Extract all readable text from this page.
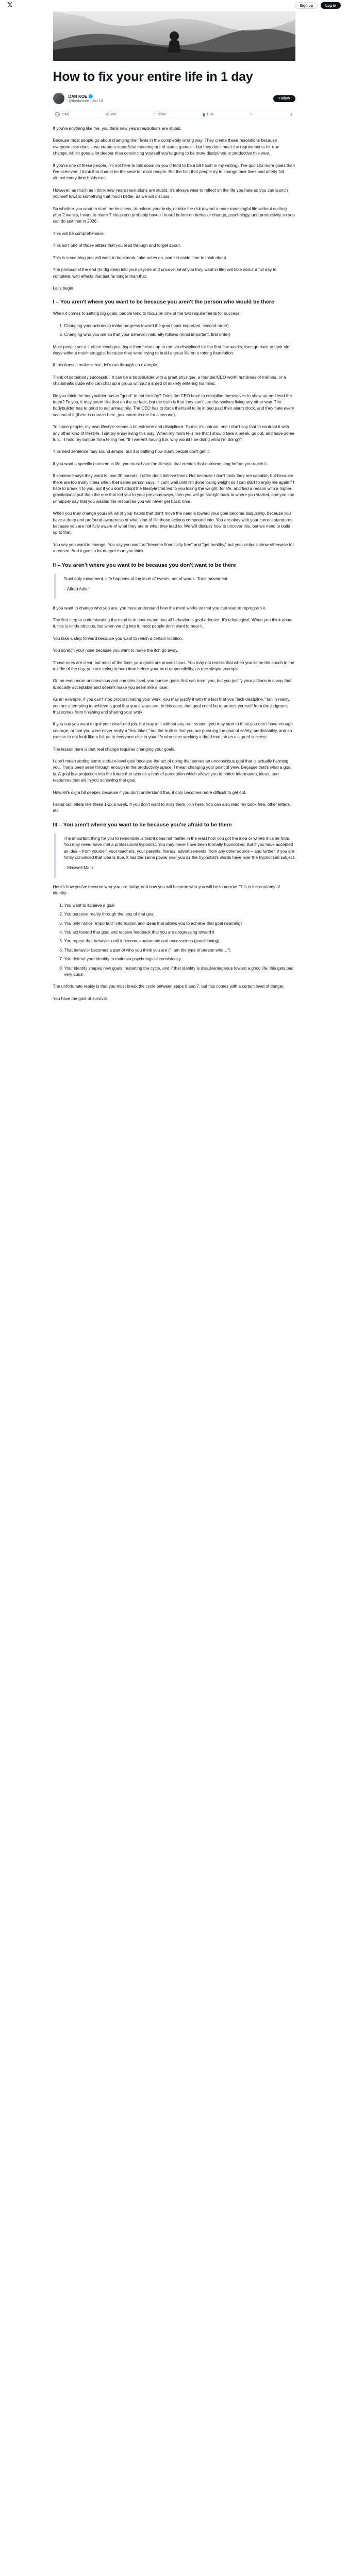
𝕏	Sign up	Log in
How to fix your entire life in 1 day
DAN KOE ✓
@thedankoe · Jan 13
Follow
💬 5.4K	⟲ 33K	♡ 220K	▮ 10M	⚐	⇪

If you're anything like me, you think new years resolutions are stupid.

Because most people go about changing their lives in the completely wrong way. They create these resolutions because everyone else does – we create a superficial meaning out of status games – but they don't meet the requirements for true change, which goes a lot deeper than convincing yourself you're going to be more disciplined or productive this year.

If you're one of these people, I'm not here to talk down on you (I tend to be a bit harsh in my writing). I've quit 10x more goals than I've achieved. I think that should be the case for most people. But the fact that people try to change their lives and utterly fail almost every time holds true.

However, as much as I think new years resolutions are stupid, it's always wise to reflect on the life you hate so you can launch yourself toward something that much better, as we will discuss.

So whether you want to start the business, transform your body, or take the risk toward a more meaningful life without quitting after 2 weeks, I want to share 7 ideas you probably haven't heard before on behavior change, psychology, and productivity so you can do just that in 2026.

This will be comprehensive.

This isn't one of those letters that you read through and forget about.

This is something you will want to bookmark, take notes on, and set aside time to think about.

The protocol at the end (to dig deep into your psyche and uncover what you truly want in life) will take about a full day to complete, with effects that last far longer than that.

Let's begin.

I – You aren't where you want to be because you aren't the person who would be there

When it comes to setting big goals, people tend to focus on one of the two requirements for success:

1. Changing your actions to make progress toward the goal (least important, second order)
2. Changing who you are so that your behavior naturally follows (most important, first order)

Most people set a surface-level goal, hype themselves up to remain disciplined for the first few weeks, then go back to their old ways without much struggle, because they were trying to build a great life on a rotting foundation.

If this doesn't make sense, let's run through an example.

Think of somebody successful. It can be a bodybuilder with a great physique, a founder/CEO worth hundreds of millions, or a charismatic dude who can chat up a group without a shred of anxiety entering his mind.

Do you think the bodybuilder has to "grind" to eat healthy? Does the CEO have to discipline themselves to show up and lead the team? To you, it may seem like that on the surface, but the truth is that they can't see themselves living any other way. The bodybuilder has to grind to eat unhealthily. The CEO has to force themself to lie in bed past their alarm clock, and they hate every second of it (there is nuance here, just entertain me for a second).

To some people, my own lifestyle seems a bit extreme and disciplined. To me, it's natural, and I don't say that to contrast it with any other kind of lifestyle. I simply enjoy living this way. When my mom tells me that I should take a break, go out, and have some fun… I hold my tongue from telling her, "If I weren't having fun, why would I be doing what I'm doing?"

This next sentence may sound simple, but it is baffling how many people don't get it.

If you want a specific outcome in life, you must have the lifestyle that creates that outcome long before you reach it.

If someone says they want to lose 30 pounds, I often don't believe them. Not because I don't think they are capable, but because there are too many times when that same person says, "I can't wait until I'm done losing weight so I can start to enjoy life again." I hate to break it to you, but if you don't adopt the lifestyle that led to you losing the weight, for life, and find a reason with a higher gravitational pull than the one that led you to your previous ways, then you will go straight back to where you started, and you can unhappily say that you wasted the resources you will never get back: time.

When you truly change yourself, all of your habits that don't move the needle toward your goal become disgusting, because you have a deep and profound awareness of what kind of life those actions compound into. You are okay with your current standards because you are not fully aware of what they are or what they lead to. We will discuss how to uncover this, but we need to build up to that.

You say you want to change. You say you want to "become financially free" and "get healthy," but your actions show otherwise for a reason. And it goes a lot deeper than you think.

II – You aren't where you want to be because you don't want to be there

Trust only movement. Life happens at the level of events, not of words. Trust movement.

– Alfred Adler

If you want to change who you are, you must understand how the mind works so that you can start to reprogram it.

The first step to understanding the mind is to understand that all behavior is goal-oriented. It's teleological. When you think about it, this is kinda obvious, but when we dig into it, most people don't want to hear it.

You take a step forward because you want to reach a certain location.

You scratch your nose because you want to make the itch go away.

Those ones are clear, but most of the time, your goals are unconscious. You may not realize that when you sit on the couch in the middle of the day, you are trying to burn time before your next responsibility, as one simple example.

On an even more unconscious and complex level, you pursue goals that can harm you, but you justify your actions in a way that is socially acceptable and doesn't make you seem like a loser.

As an example, if you can't stop procrastinating your work, you may justify it with the fact that you "lack discipline," but in reality, you are attempting to achieve a goal that you always are. In this case, that goal could be to protect yourself from the judgment that comes from finishing and sharing your work.

If you say you want to quit your dead-end job, but stay in it without any real reason, you may start to think you don't have enough courage, or that you were never really a "risk taker," but the truth is that you are pursuing the goal of safety, predictability, and an excuse to not look like a failure to everyone else in your life who sees working a dead-end job as a sign of success.

The lesson here is that real change requires changing your goals.

I don't mean setting some surface-level goal because the act of doing that serves an unconscious goal that is actually harming you. That's been seen through enough in the productivity space. I mean changing your point of view. Because that's what a goal is. A goal is a projection into the future that acts as a lens of perception which allows you to notice information, ideas, and resources that aid in you achieving that goal.

Now let's dig a bit deeper, because if you don't understand this, it only becomes more difficult to get out.

I send out letters like these 1-2x a week. If you don't want to miss them, join here. You can also read my book free, other letters, etc.

III – You aren't where you want to be because you're afraid to be there

The important thing for you to remember is that it does not matter in the least how you got the idea or where it came from. You may never have met a professional hypnotist. You may never have been formally hypnotized. But if you have accepted an idea – from yourself, your teachers, your parents, friends, advertisements, from any other source – and further, if you are firmly convinced that idea is true, it has the same power over you as the hypnotist's words have over the hypnotized subject.

– Maxwell Maltz

Here's how you've become who you are today, and how you will become who you will be tomorrow. This is the anatomy of identity:

1. You want to achieve a goal
2. You perceive reality through the lens of that goal
3. You only notice "important" information and ideas that allows you to achieve that goal (learning)
4. You act toward that goal and receive feedback that you are progressing toward it
5. You repeat that behavior until it becomes automatic and unconscious (conditioning)
6. That behavior becomes a part of who you think you are ("I am the type of person who…")
7. You defend your identity to maintain psychological consistency
8. Your identity shapes new goals, restarting the cycle, and if that identity is disadvantageous toward a good life, this gets bad very quick

The unfortunate reality is that you must break the cycle between steps 6 and 7, but this comes with a certain level of danger.

You have the goal of survival.
